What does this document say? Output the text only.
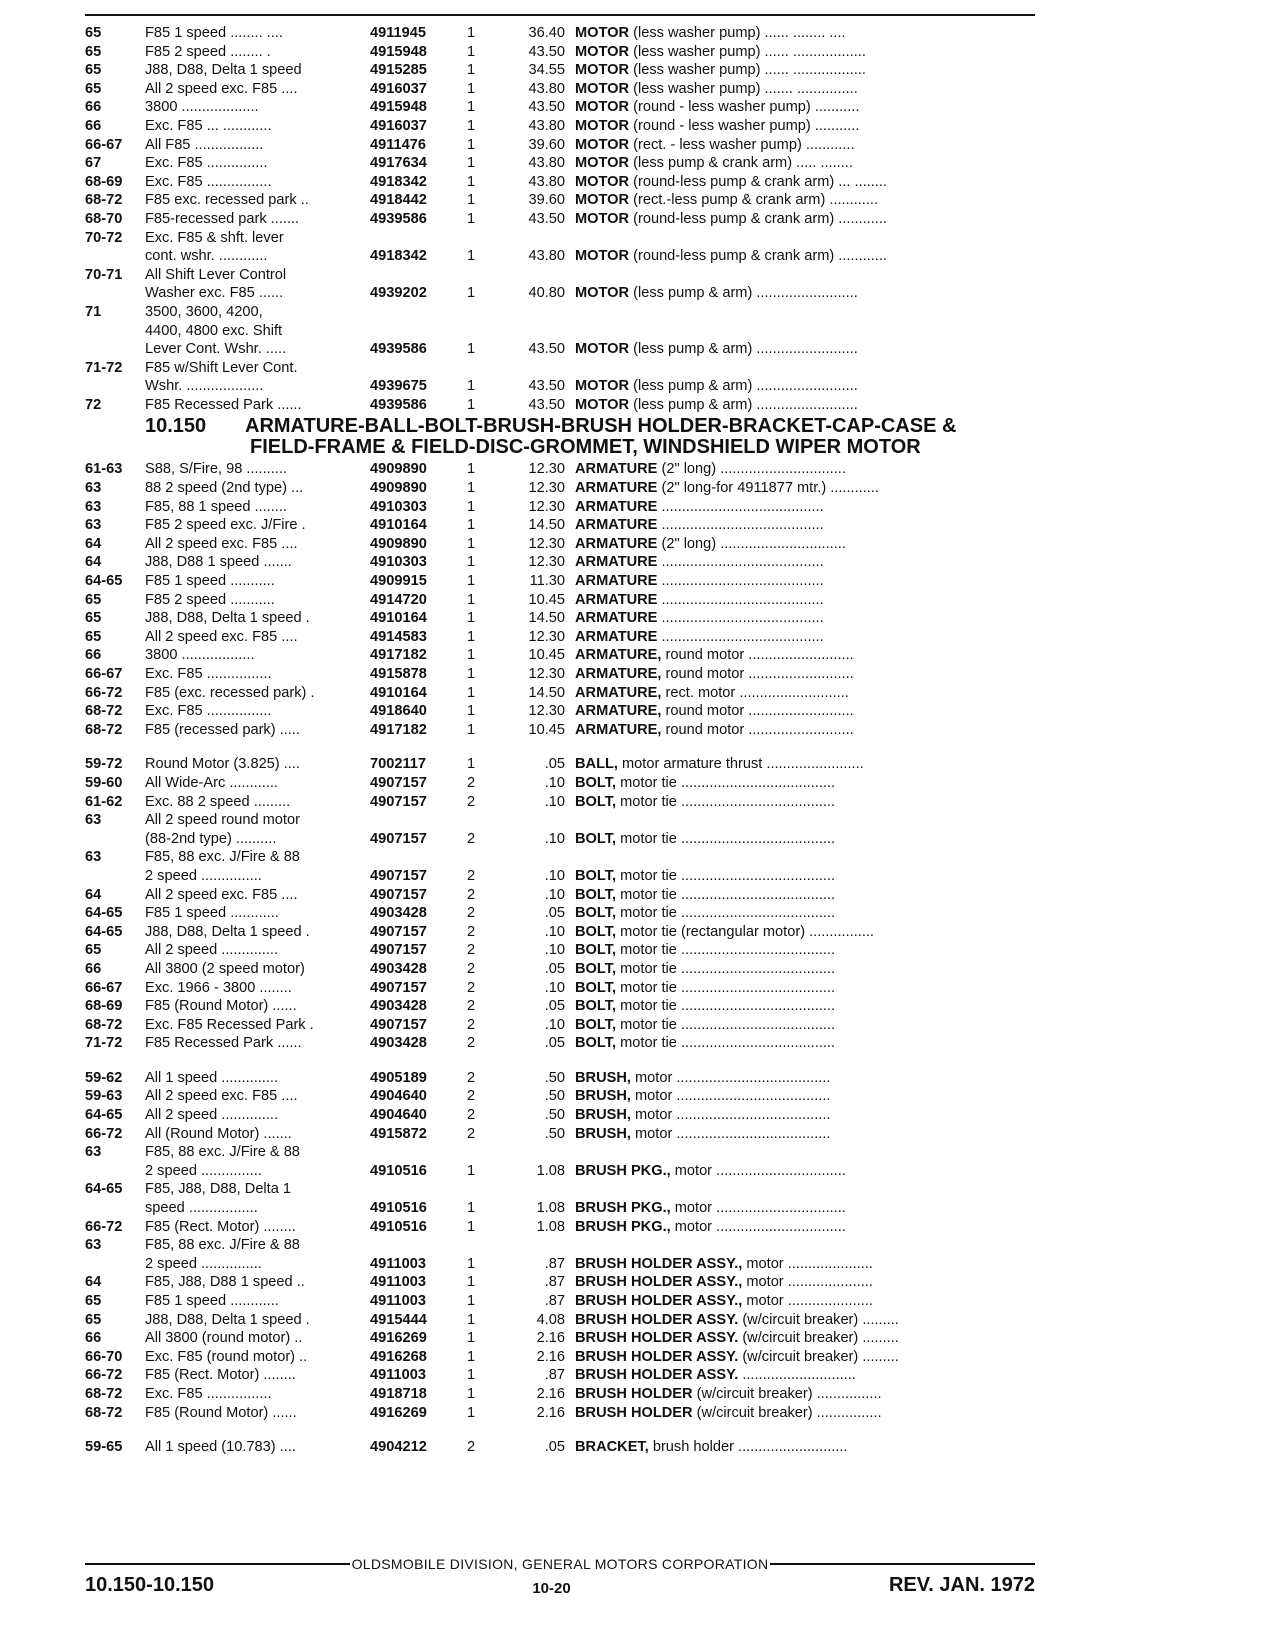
65	F85 1 speed ........ ....	4911945	1	36.40 MOTOR (less washer pump) ...... ........ ....
65	F85 2 speed ........ .	4915948	1	43.50 MOTOR (less washer pump) ...... ..................
65	J88, D88, Delta 1 speed	4915285	1	34.55 MOTOR (less washer pump) ...... ..................
65	All 2 speed exc. F85 ....	4916037	1	43.80 MOTOR (less washer pump) ....... ...............
66	3800 ...................	4915948	1	43.50 MOTOR (round - less washer pump) ...........
66	Exc. F85 ... ............	4916037	1	43.80 MOTOR (round - less washer pump) ...........
66-67	All F85 .................	4911476	1	39.60 MOTOR (rect. - less washer pump) ............
67	Exc. F85 ...............	4917634	1	43.80 MOTOR (less pump & crank arm) ..... ........
68-69	Exc. F85 ................	4918342	1	43.80 MOTOR (round-less pump & crank arm) ... ........
68-72	F85 exc. recessed park ..	4918442	1	39.60 MOTOR (rect.-less pump & crank arm) ............
68-70	F85-recessed park .......	4939586	1	43.50 MOTOR (round-less pump & crank arm) ............
70-72	Exc. F85 & shft. lever
cont. wshr. ............	4918342	1	43.80 MOTOR (round-less pump & crank arm) ............
70-71	All Shift Lever Control
Washer exc. F85 ......	4939202	1	40.80 MOTOR (less pump & arm) .........................
71	3500, 3600, 4200,
4400, 4800 exc. Shift
Lever Cont. Wshr. .....	4939586	1	43.50 MOTOR (less pump & arm) .........................
71-72	F85 w/Shift Lever Cont.
Wshr. ...................	4939675	1	43.50 MOTOR (less pump & arm) .........................
72	F85 Recessed Park ......	4939586	1	43.50 MOTOR (less pump & arm) .........................
10.150	ARMATURE-BALL-BOLT-BRUSH-BRUSH HOLDER-BRACKET-CAP-CASE &
FIELD-FRAME & FIELD-DISC-GROMMET, WINDSHIELD WIPER MOTOR
61-63	S88, S/Fire, 98 ..........	4909890	1	12.30 ARMATURE (2" long) ...............................
63	88 2 speed (2nd type) ...	4909890	1	12.30 ARMATURE (2" long-for 4911877 mtr.) ............
63	F85, 88 1 speed ........	4910303	1	12.30 ARMATURE ........................................
63	F85 2 speed exc. J/Fire .	4910164	1	14.50 ARMATURE ........................................
64	All 2 speed exc. F85 ....	4909890	1	12.30 ARMATURE (2" long) ...............................
64	J88, D88 1 speed .......	4910303	1	12.30 ARMATURE ........................................
64-65	F85 1 speed ...........	4909915	1	11.30 ARMATURE ........................................
65	F85 2 speed ...........	4914720	1	10.45 ARMATURE ........................................
65	J88, D88, Delta 1 speed .	4910164	1	14.50 ARMATURE ........................................
65	All 2 speed exc. F85 ....	4914583	1	12.30 ARMATURE ........................................
66	3800 ..................	4917182	1	10.45 ARMATURE, round motor ..........................
66-67	Exc. F85 ................	4915878	1	12.30 ARMATURE, round motor ..........................
66-72	F85 (exc. recessed park) .	4910164	1	14.50 ARMATURE, rect. motor ...........................
68-72	Exc. F85 ................	4918640	1	12.30 ARMATURE, round motor ..........................
68-72	F85 (recessed park) .....	4917182	1	10.45 ARMATURE, round motor ..........................
59-72	Round Motor (3.825) ....	7002117	1	.05 BALL, motor armature thrust ........................
59-60	All Wide-Arc ............	4907157	2	.10 BOLT, motor tie ......................................
61-62	Exc. 88 2 speed .........	4907157	2	.10 BOLT, motor tie ......................................
63	All 2 speed round motor
(88-2nd type) ..........	4907157	2	.10 BOLT, motor tie ......................................
63	F85, 88 exc. J/Fire & 88
2 speed ...............	4907157	2	.10 BOLT, motor tie ......................................
64	All 2 speed exc. F85 ....	4907157	2	.10 BOLT, motor tie ......................................
64-65	F85 1 speed ............	4903428	2	.05 BOLT, motor tie ......................................
64-65	J88, D88, Delta 1 speed .	4907157	2	.10 BOLT, motor tie (rectangular motor) ................
65	All 2 speed ..............	4907157	2	.10 BOLT, motor tie ......................................
66	All 3800 (2 speed motor)	4903428	2	.05 BOLT, motor tie ......................................
66-67	Exc. 1966 - 3800 ........	4907157	2	.10 BOLT, motor tie ......................................
68-69	F85 (Round Motor) ......	4903428	2	.05 BOLT, motor tie ......................................
68-72	Exc. F85 Recessed Park .	4907157	2	.10 BOLT, motor tie ......................................
71-72	F85 Recessed Park ......	4903428	2	.05 BOLT, motor tie ......................................
59-62	All 1 speed ..............	4905189	2	.50 BRUSH, motor ......................................
59-63	All 2 speed exc. F85 ....	4904640	2	.50 BRUSH, motor ......................................
64-65	All 2 speed ..............	4904640	2	.50 BRUSH, motor ......................................
66-72	All (Round Motor) .......	4915872	2	.50 BRUSH, motor ......................................
63	F85, 88 exc. J/Fire & 88
2 speed ...............	4910516	1	1.08 BRUSH PKG., motor ................................
64-65	F85, J88, D88, Delta 1
speed .................	4910516	1	1.08 BRUSH PKG., motor ................................
66-72	F85 (Rect. Motor) ........	4910516	1	1.08 BRUSH PKG., motor ................................
63	F85, 88 exc. J/Fire & 88
2 speed ...............	4911003	1	.87 BRUSH HOLDER ASSY., motor .....................
64	F85, J88, D88 1 speed ..	4911003	1	.87 BRUSH HOLDER ASSY., motor .....................
65	F85 1 speed ............	4911003	1	.87 BRUSH HOLDER ASSY., motor .....................
65	J88, D88, Delta 1 speed .	4915444	1	4.08 BRUSH HOLDER ASSY. (w/circuit breaker) .........
66	All 3800 (round motor) ..	4916269	1	2.16 BRUSH HOLDER ASSY. (w/circuit breaker) .........
66-70	Exc. F85 (round motor) ..	4916268	1	2.16 BRUSH HOLDER ASSY. (w/circuit breaker) .........
66-72	F85 (Rect. Motor) ........	4911003	1	.87 BRUSH HOLDER ASSY. ............................
68-72	Exc. F85 ................	4918718	1	2.16 BRUSH HOLDER (w/circuit breaker) ................
68-72	F85 (Round Motor) ......	4916269	1	2.16 BRUSH HOLDER (w/circuit breaker) ................
59-65	All 1 speed (10.783) ....	4904212	2	.05 BRACKET, brush holder ...........................
OLDSMOBILE DIVISION, GENERAL MOTORS CORPORATION
10.150-10.150	10-20	REV. JAN. 1972
